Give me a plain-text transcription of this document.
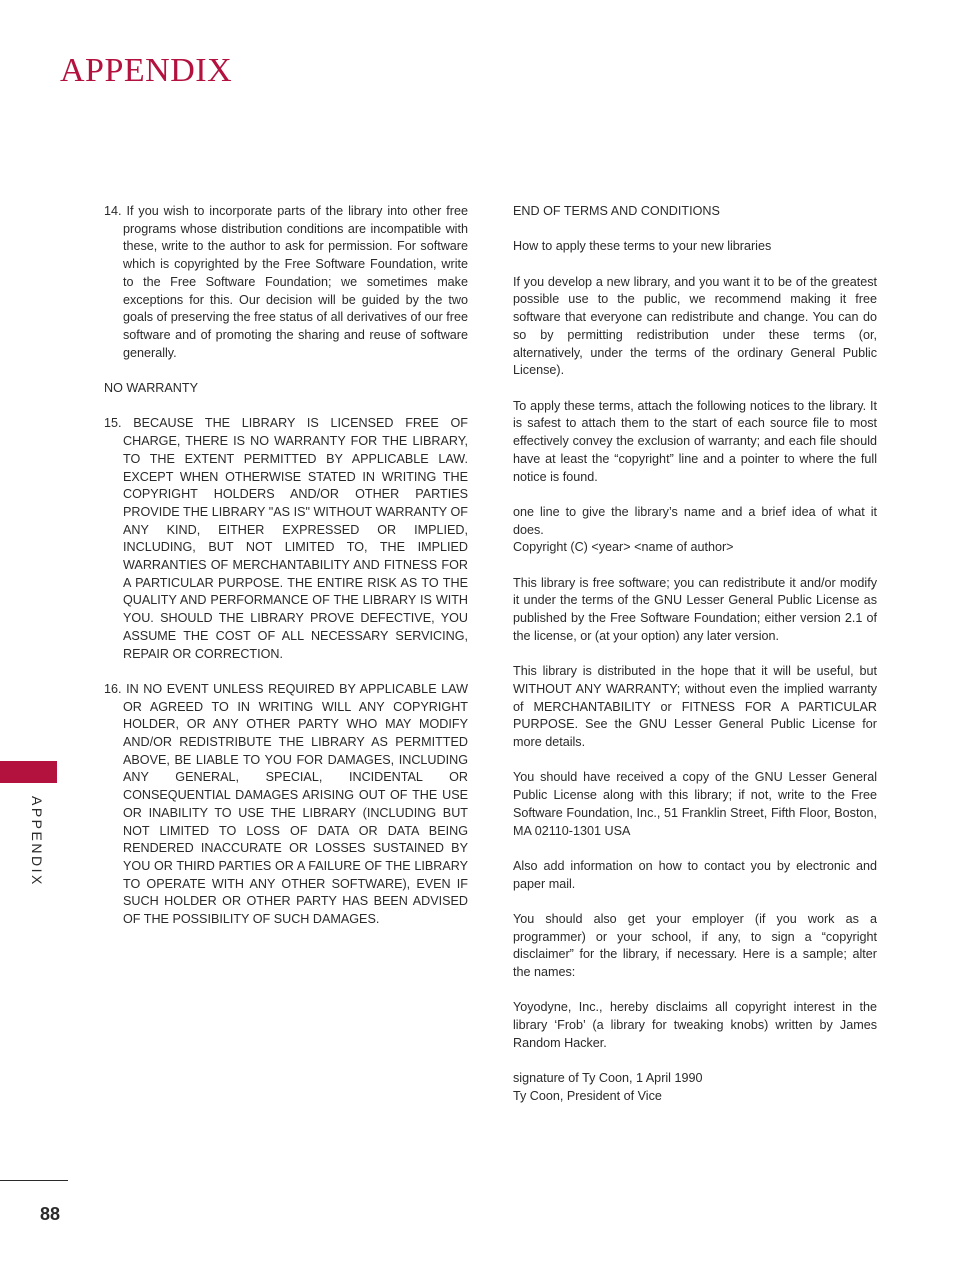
APPENDIX
APPENDIX
14. If you wish to incorporate parts of the library into other free programs whose distribution conditions are incompatible with these, write to the author to ask for permission. For software which is copyrighted by the Free Software Foundation, write to the Free Software Foundation; we sometimes make exceptions for this. Our decision will be guided by the two goals of preserving the free status of all derivatives of our free software and of promoting the sharing and reuse of software generally.

NO WARRANTY

15. BECAUSE THE LIBRARY IS LICENSED FREE OF CHARGE, THERE IS NO WARRANTY FOR THE LIBRARY, TO THE EXTENT PERMITTED BY APPLICABLE LAW. EXCEPT WHEN OTHERWISE STATED IN WRITING THE COPYRIGHT HOLDERS AND/OR OTHER PARTIES PROVIDE THE LIBRARY "AS IS" WITHOUT WARRANTY OF ANY KIND, EITHER EXPRESSED OR IMPLIED, INCLUDING, BUT NOT LIMITED TO, THE IMPLIED WARRANTIES OF MERCHANTABILITY AND FITNESS FOR A PARTICULAR PURPOSE. THE ENTIRE RISK AS TO THE QUALITY AND PERFORMANCE OF THE LIBRARY IS WITH YOU. SHOULD THE LIBRARY PROVE DEFECTIVE, YOU ASSUME THE COST OF ALL NECESSARY SERVICING, REPAIR OR CORRECTION.
16. IN NO EVENT UNLESS REQUIRED BY APPLICABLE LAW OR AGREED TO IN WRITING WILL ANY COPYRIGHT HOLDER, OR ANY OTHER PARTY WHO MAY MODIFY AND/OR REDISTRIBUTE THE LIBRARY AS PERMITTED ABOVE, BE LIABLE TO YOU FOR DAMAGES, INCLUDING ANY GENERAL, SPECIAL, INCIDENTAL OR CONSEQUENTIAL DAMAGES ARISING OUT OF THE USE OR INABILITY TO USE THE LIBRARY (INCLUDING BUT NOT LIMITED TO LOSS OF DATA OR DATA BEING RENDERED INACCURATE OR LOSSES SUSTAINED BY YOU OR THIRD PARTIES OR A FAILURE OF THE LIBRARY TO OPERATE WITH ANY OTHER SOFTWARE), EVEN IF SUCH HOLDER OR OTHER PARTY HAS BEEN ADVISED OF THE POSSIBILITY OF SUCH DAMAGES.

END OF TERMS AND CONDITIONS

How to apply these terms to your new libraries

If you develop a new library, and you want it to be of the greatest possible use to the public, we recommend making it free software that everyone can redistribute and change. You can do so by permitting redistribution under these terms (or, alternatively, under the terms of the ordinary General Public License).

To apply these terms, attach the following notices to the library. It is safest to attach them to the start of each source file to most effectively convey the exclusion of warranty; and each file should have at least the “copyright” line and a pointer to where the full notice is found.

one line to give the library’s name and a brief idea of what it does.

Copyright (C) <year> <name of author>

This library is free software; you can redistribute it and/or modify it under the terms of the GNU Lesser General Public License as published by the Free Software Foundation; either version 2.1 of the license, or (at your option) any later version.

This library is distributed in the hope that it will be useful, but WITHOUT ANY WARRANTY; without even the implied warranty of MERCHANTABILITY or FITNESS FOR A PARTICULAR PURPOSE. See the GNU Lesser General Public License for more details.

You should have received a copy of the GNU Lesser General Public License along with this library; if not, write to the Free Software Foundation, Inc., 51 Franklin Street, Fifth Floor, Boston, MA 02110-1301 USA

Also add information on how to contact you by electronic and paper mail.

You should also get your employer (if you work as a programmer) or your school, if any, to sign a “copyright disclaimer” for the library, if necessary. Here is a sample; alter the names:

Yoyodyne, Inc., hereby disclaims all copyright interest in the library ‘Frob’ (a library for tweaking knobs) written by James Random Hacker.

signature of Ty Coon, 1 April 1990

Ty Coon, President of Vice

88
